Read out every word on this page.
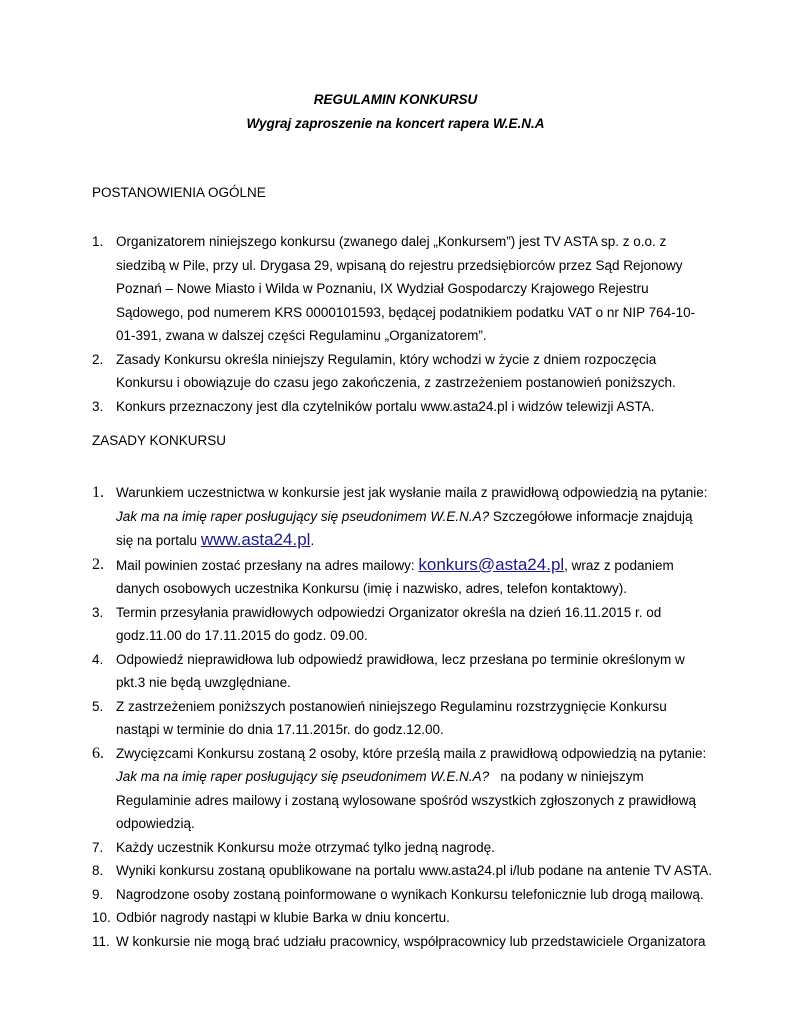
REGULAMIN KONKURSU
Wygraj zaproszenie na koncert rapera W.E.N.A
POSTANOWIENIA OGÓLNE
1. Organizatorem niniejszego konkursu (zwanego dalej „Konkursem”) jest TV ASTA sp. z o.o. z siedzibą w Pile, przy ul. Drygasa 29, wpisaną do rejestru przedsiębiorców przez Sąd Rejonowy Poznań – Nowe Miasto i Wilda w Poznaniu, IX Wydział Gospodarczy Krajowego Rejestru Sądowego, pod numerem KRS 0000101593, będącej podatnikiem podatku VAT o nr NIP 764-10-01-391, zwana w dalszej części Regulaminu „Organizatorem”.
2. Zasady Konkursu określa niniejszy Regulamin, który wchodzi w życie z dniem rozpoczęcia Konkursu i obowiązuje do czasu jego zakończenia, z zastrzeżeniem postanowień poniższych.
3. Konkurs przeznaczony jest dla czytelników portalu www.asta24.pl i widzów telewizji ASTA.
ZASADY KONKURSU
1. Warunkiem uczestnictwa w konkursie jest jak wysłanie maila z prawidłową odpowiedzią na pytanie: Jak ma na imię raper posługujący się pseudonimem W.E.N.A? Szczegółowe informacje znajdują się na portalu www.asta24.pl.
2. Mail powinien zostać przesłany na adres mailowy: konkurs@asta24.pl, wraz z podaniem danych osobowych uczestnika Konkursu (imię i nazwisko, adres, telefon kontaktowy).
3. Termin przesyłania prawidłowych odpowiedzi Organizator określa na dzień 16.11.2015 r. od godz.11.00 do 17.11.2015 do godz. 09.00.
4. Odpowiedź nieprawidłowa lub odpowiedź prawidłowa, lecz przesłana po terminie określonym w pkt.3 nie będą uwzględniane.
5. Z zastrzeżeniem poniższych postanowień niniejszego Regulaminu rozstrzygnięcie Konkursu nastąpi w terminie do dnia 17.11.2015r. do godz.12.00.
6. Zwycięzcami Konkursu zostaną 2 osoby, które prześlą maila z prawidłową odpowiedzią na pytanie: Jak ma na imię raper posługujący się pseudonimem W.E.N.A?   na podany w niniejszym Regulaminie adres mailowy i zostaną wylosowane spośród wszystkich zgłoszonych z prawidłową odpowiedzią.
7. Każdy uczestnik Konkursu może otrzymać tylko jedną nagrodę.
8. Wyniki konkursu zostaną opublikowane na portalu www.asta24.pl i/lub podane na antenie TV ASTA.
9. Nagrodzone osoby zostaną poinformowane o wynikach Konkursu telefonicznie lub drogą mailową.
10. Odbiór nagrody nastąpi w klubie Barka w dniu koncertu.
11. W konkursie nie mogą brać udziału pracownicy, współpracownicy lub przedstawiciele Organizatora
